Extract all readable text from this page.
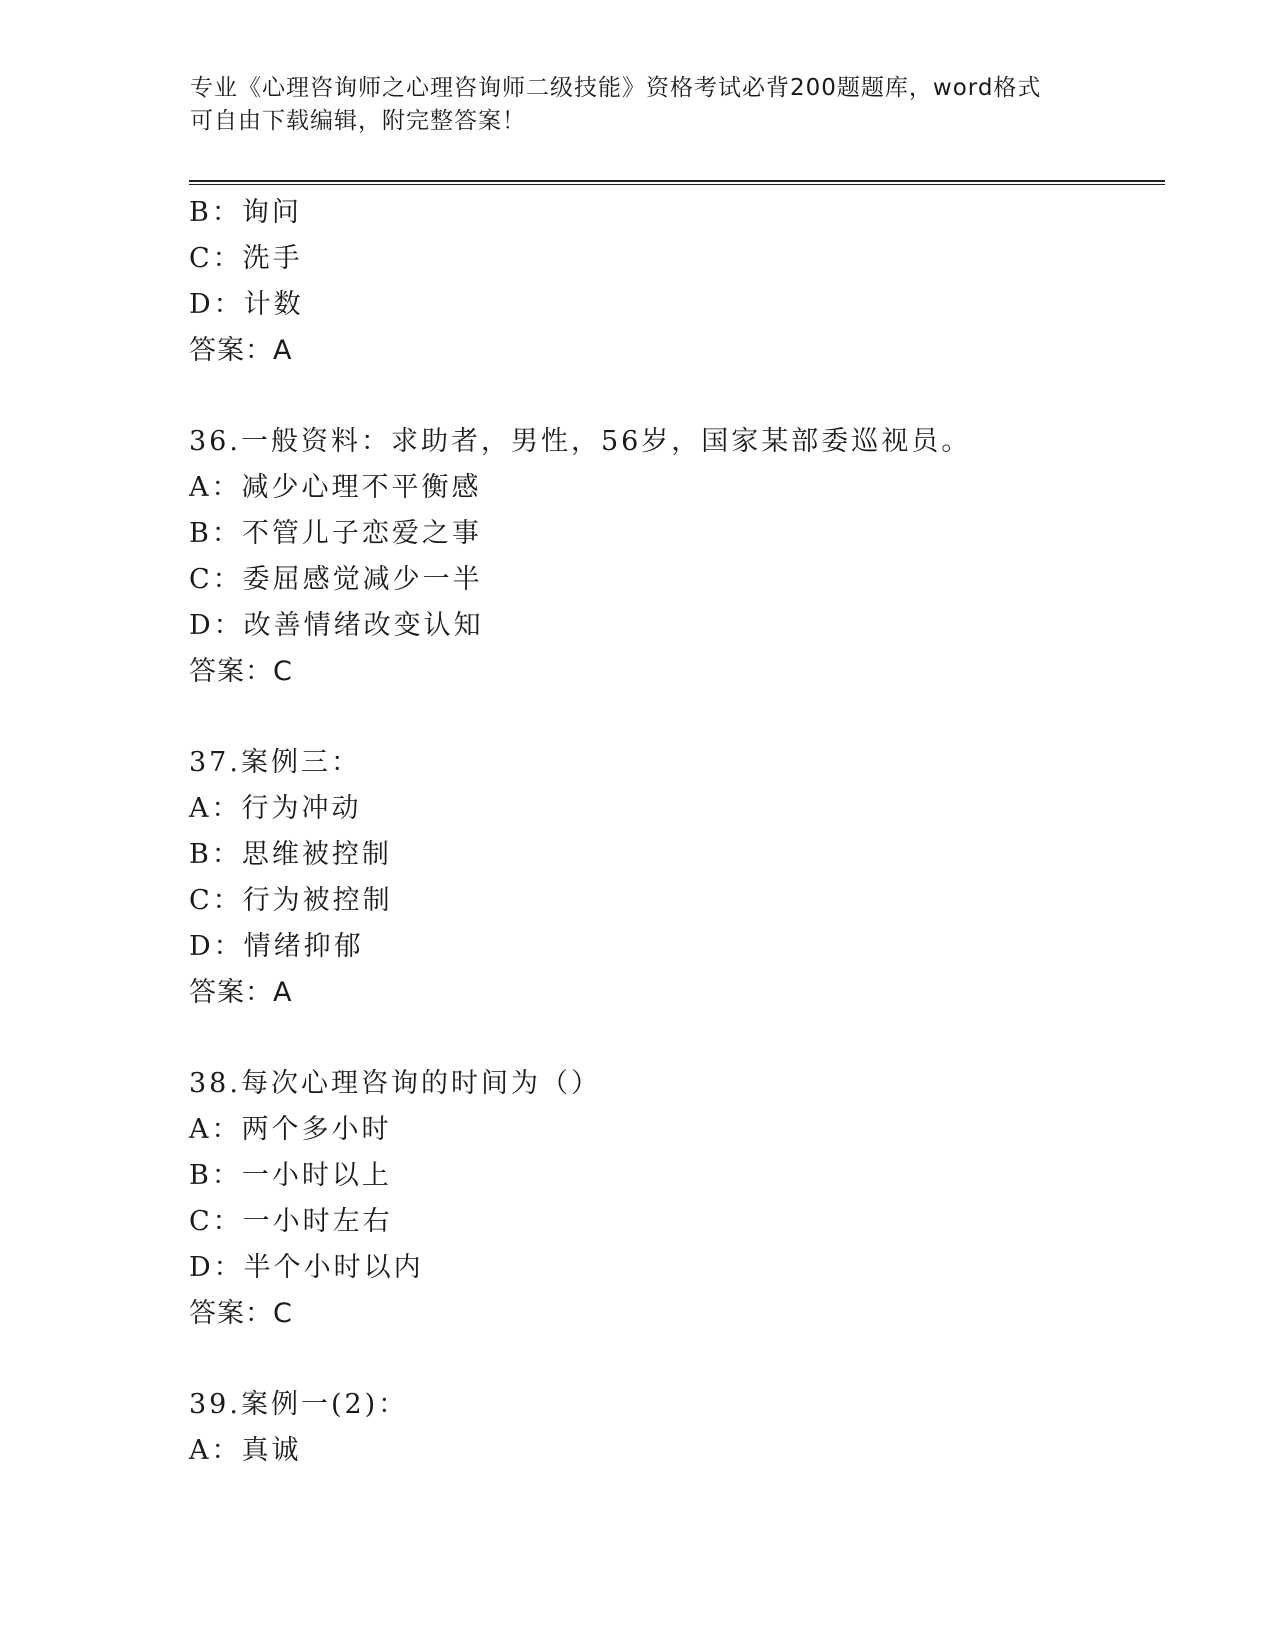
专业《心理咨询师之心理咨询师二级技能》资格考试必背200题题库，word格式
可自由下载编辑，附完整答案！
B：询问
C：洗手
D：计数
答案：A
36.一般资料：求助者，男性，56岁，国家某部委巡视员。
A：减少心理不平衡感
B：不管儿子恋爱之事
C：委屈感觉减少一半
D：改善情绪改变认知
答案：C
37.案例三：
A：行为冲动
B：思维被控制
C：行为被控制
D：情绪抑郁
答案：A
38.每次心理咨询的时间为（）
A：两个多小时
B：一小时以上
C：一小时左右
D：半个小时以内
答案：C
39.案例一(2)：
A：真诚
